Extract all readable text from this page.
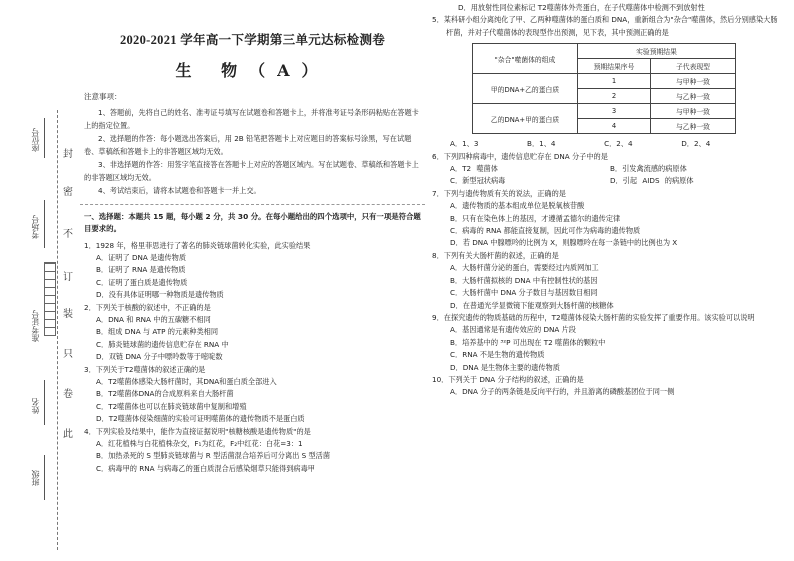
封
密
不
订
装
只
卷
此
座位号
考场号
准考证号
姓名
班级
2020-2021 学年高一下学期第三单元达标检测卷
生 物（A）
注意事项：

1、答题前，先将自己的姓名、准考证号填写在试题卷和答题卡上，并将准考证号条形码粘贴在答题卡上的指定位置。

2、选择题的作答：每小题选出答案后，用 2B 铅笔把答题卡上对应题目的答案标号涂黑，写在试题卷、草稿纸和答题卡上的非答题区域均无效。

3、非选择题的作答：用签字笔直接答在答题卡上对应的答题区域内。写在试题卷、草稿纸和答题卡上的非答题区域均无效。

4、考试结束后，请将本试题卷和答题卡一并上交。

一、选择题：本题共 15 题，每小题 2 分，共 30 分。在每小题给出的四个选项中，只有一项是符合题目要求的。
1．1928 年，格里菲思进行了著名的肺炎链球菌转化实验，此实验结果
A．证明了 DNA 是遗传物质
B．证明了 RNA 是遗传物质
C．证明了蛋白质是遗传物质
D．没有具体证明哪一种物质是遗传物质
2．下列关于核酸的叙述中，不正确的是
A．DNA 和 RNA 中的五碳糖不相同
B．组成 DNA 与 ATP 的元素种类相同
C．肺炎链球菌的遗传信息贮存在 RNA 中
D．双链 DNA 分子中嘌呤数等于嘧啶数
3．下列关于T2噬菌体的叙述正确的是
A．T2噬菌体感染大肠杆菌时，其DNA和蛋白质全部进入
B．T2噬菌体DNA的合成原料来自大肠杆菌
C．T2噬菌体也可以在肺炎链球菌中复制和增殖
D．T2噬菌体侵染细菌的实验可证明噬菌体的遗传物质不是蛋白质
4．下列实验及结果中，能作为直接证据说明"核糖核酸是遗传物质"的是
A．红花植株与白花植株杂交，F₁为红花，F₂中红花：白花=3：1
B．加热杀死的 S 型肺炎链球菌与 R 型活菌混合培养后可分离出 S 型活菌
C．病毒甲的 RNA 与病毒乙的蛋白质混合后感染烟草只能得到病毒甲
D．用放射性同位素标记 T2噬菌体外壳蛋白，在子代噬菌体中检测不到放射性
5．某科研小组分离纯化了甲、乙两种噬菌体的蛋白质和 DNA，重新组合为"杂合"噬菌体，然后分别感染大肠杆菌，并对子代噬菌体的表现型作出预测，见下表，其中预测正确的是
"杂合"噬菌体的组成	实验预期结果	
	预期结果序号	子代表现型
甲的DNA+乙的蛋白质	1	与甲种一致
	2	与乙种一致
乙的DNA+甲的蛋白质	3	与甲种一致
	4	与乙种一致
A．1、3	B．1、4	C．2、4	D．2、4
6．下列四种病毒中，遗传信息贮存在 DNA 分子中的是
A．T2 噬菌体	B．引发禽流感的病原体
C．新型冠状病毒	D．引起 AIDS 的病原体
7．下列与遗传物质有关的说法，正确的是
A．遗传物质的基本组成单位是脱氧核苷酸
B．只有在染色体上的基因，才遵循孟德尔的遗传定律
C．病毒的 RNA 都能直接复制，因此可作为病毒的遗传物质
D．若 DNA 中腺嘌呤的比例为 X，则腺嘌呤在每一条链中的比例也为 X
8．下列有关大肠杆菌的叙述，正确的是
A．大肠杆菌分泌的蛋白，需要经过内质网加工
B．大肠杆菌拟核的 DNA 中有控制性状的基因
C．大肠杆菌中 DNA 分子数目与基因数目相同
D．在普通光学显微镜下能观察到大肠杆菌的核糖体
9．在探究遗传的物质基础的历程中，T2噬菌体侵染大肠杆菌的实验发挥了重要作用。该实验可以说明
A．基因通常是有遗传效应的 DNA 片段
B．培养基中的 ³²P 可出现在 T2 噬菌体的颗粒中
C．RNA 不是生物的遗传物质
D．DNA 是生物体主要的遗传物质
10．下列关于 DNA 分子结构的叙述，正确的是
A．DNA 分子的两条链是反向平行的，并且游离的磷酸基团位于同一侧
